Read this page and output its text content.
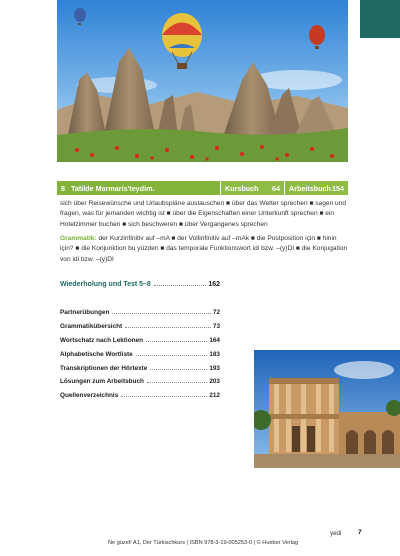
8 Tatilde Marmaris'teydim.	Kursbuch 64 Arbeitsbuch 154
sich über Reisewünsche und Urlaubspläne austauschen ■ über das Wetter sprechen ■ sagen und fragen, was für jemanden wichtig ist ■ über die Eigenschaften einer Unterkunft sprechen ■ ein Hotelzimmer buchen ■ sich beschweren ■ über Vergangenes sprechen
Grammatik: der Kurzinfinitiv auf –mA ■ der Vollinfinitiv auf –mAk ■ die Postposition için ■ hinin için? ■ die Konjunktion bu yüzden ■ das temporale Funktionswort idi bzw. –(y)DI ■ die Konjugation von idi bzw. –(y)DI
Wiederholung und Test 5–8	162
Partnerübungen	72
Grammatikübersicht	73
Wortschatz nach Lektionen	164
Alphabetische Wortliste	183
Transkriptionen der Hörtexte	193
Lösungen zum Arbeitsbuch	203
Quellenverzeichnis	212
yedi	7
Ne güzel! A1, Der Türkischkurs | ISBN 978-3-19-005253-0 | © Hueber Verlag
